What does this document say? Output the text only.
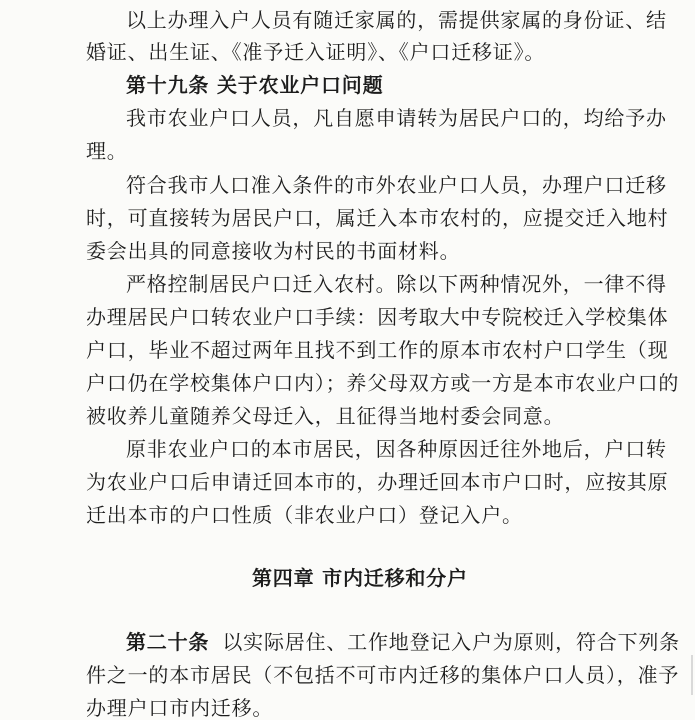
以上办理入户人员有随迁家属的，需提供家属的身份证、结
婚证、出生证、《准予迁入证明》、《户口迁移证》。
第十九条 关于农业户口问题
我市农业户口人员，凡自愿申请转为居民户口的，均给予办
理。
符合我市人口准入条件的市外农业户口人员，办理户口迁移
时，可直接转为居民户口，属迁入本市农村的，应提交迁入地村
委会出具的同意接收为村民的书面材料。
严格控制居民户口迁入农村。除以下两种情况外，一律不得
办理居民户口转农业户口手续：因考取大中专院校迁入学校集体
户口，毕业不超过两年且找不到工作的原本市农村户口学生（现
户口仍在学校集体户口内）；养父母双方或一方是本市农业户口的
被收养儿童随养父母迁入，且征得当地村委会同意。
原非农业户口的本市居民，因各种原因迁往外地后，户口转
为农业户口后申请迁回本市的，办理迁回本市户口时，应按其原
迁出本市的户口性质（非农业户口）登记入户。
第四章 市内迁移和分户
第二十条 以实际居住、工作地登记入户为原则，符合下列条
件之一的本市居民（不包括不可市内迁移的集体户口人员），准予
办理户口市内迁移。
